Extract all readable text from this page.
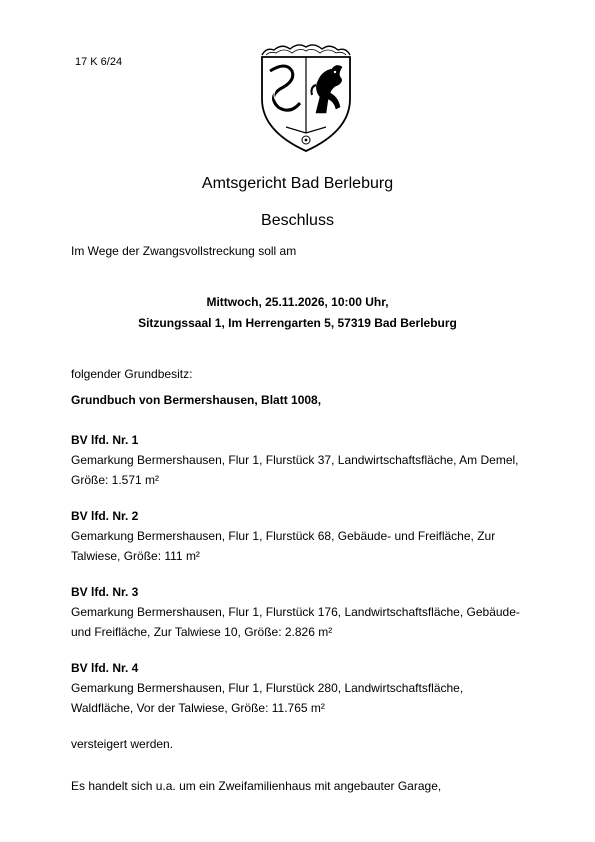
17 K 6/24
Amtsgericht Bad Berleburg
Beschluss
Im Wege der Zwangsvollstreckung soll am
Mittwoch, 25.11.2026, 10:00 Uhr,
Sitzungssaal 1, Im Herrengarten 5, 57319 Bad Berleburg
folgender Grundbesitz:
Grundbuch von Bermershausen, Blatt 1008,
BV lfd. Nr. 1
Gemarkung Bermershausen, Flur 1, Flurstück 37, Landwirtschaftsfläche, Am Demel,
Größe: 1.571 m²
BV lfd. Nr. 2
Gemarkung Bermershausen, Flur 1, Flurstück 68, Gebäude- und Freifläche, Zur
Talwiese, Größe: 111 m²
BV lfd. Nr. 3
Gemarkung Bermershausen, Flur 1, Flurstück 176, Landwirtschaftsfläche, Gebäude-
und Freifläche, Zur Talwiese 10, Größe: 2.826 m²
BV lfd. Nr. 4
Gemarkung Bermershausen, Flur 1, Flurstück 280, Landwirtschaftsfläche,
Waldfläche, Vor der Talwiese, Größe: 11.765 m²
versteigert werden.
Es handelt sich u.a. um ein Zweifamilienhaus mit angebauter Garage,
